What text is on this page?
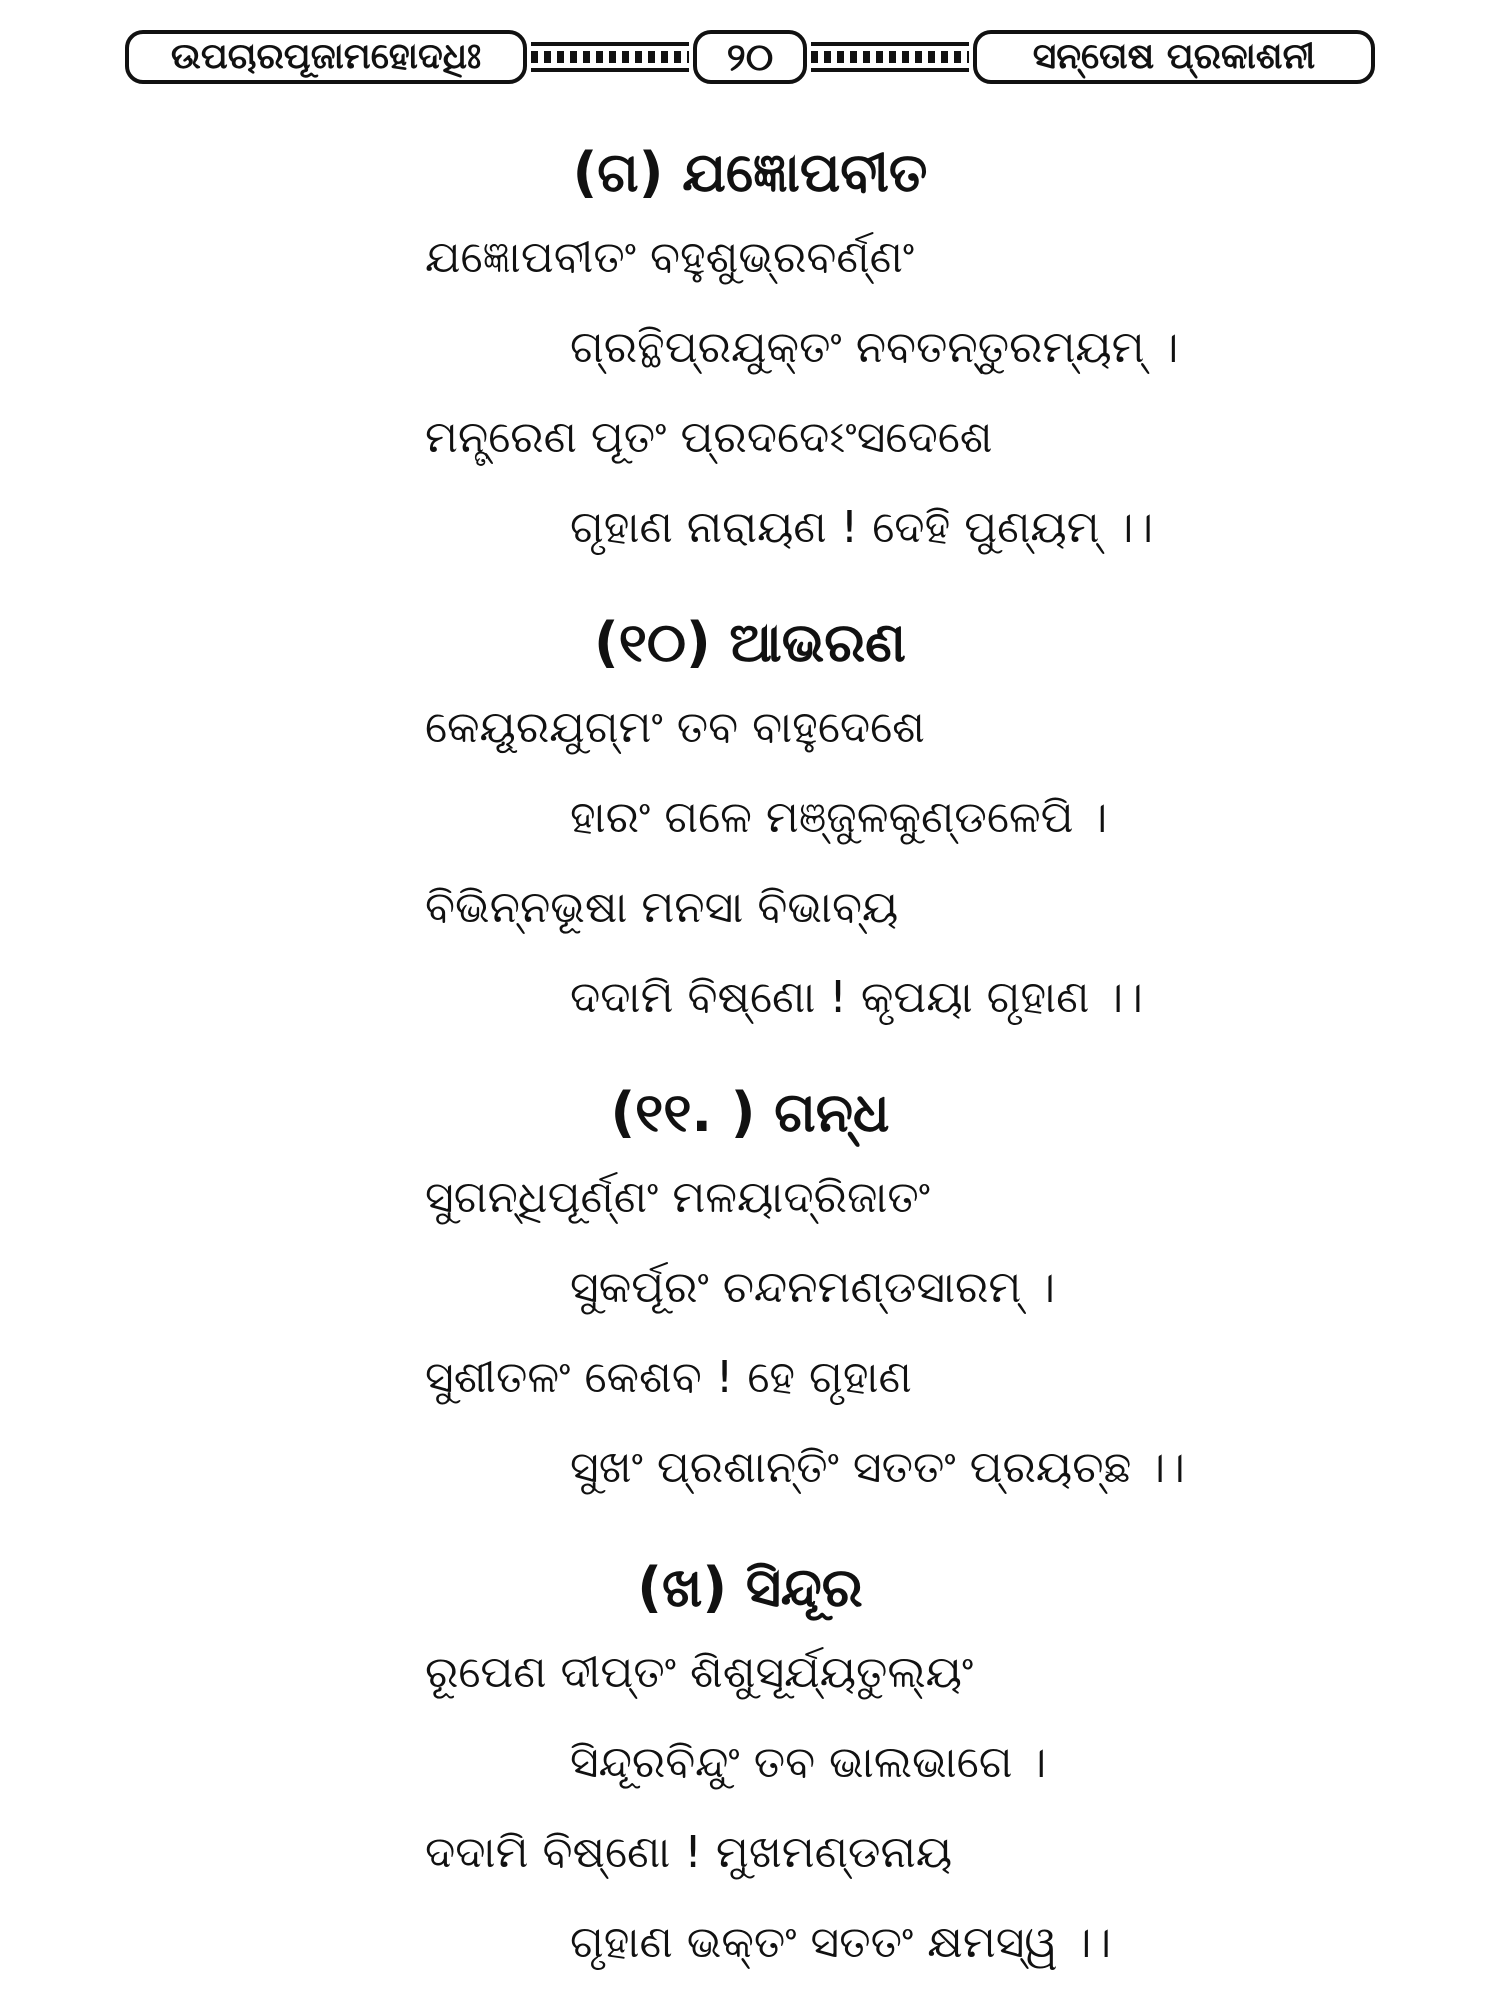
ଉପଚାରପୂଜାମହୋଦଧିଃ	୨୦	ସନ୍ତୋଷ ପ୍ରକାଶନୀ
(ଗ) ଯଜ୍ଞୋପବୀତ
ଯଜ୍ଞୋପବୀତଂ ବହୁଶୁଭ୍ରବର୍ଣ୍ଣଂ
ଗ୍ରନ୍ଥିପ୍ରଯୁକ୍ତଂ ନବତନ୍ତୁରମ୍ୟମ୍ ।
ମନ୍ତ୍ରେଣ ପୂତଂ ପ୍ରଦଦେଽଂସଦେଶେ
ଗୃହାଣ ନାରାୟଣ ! ଦେହି ପୁଣ୍ୟମ୍ ।।
(୧୦) ଆଭରଣ
କେୟୂରଯୁଗ୍ମଂ ତବ ବାହୁଦେଶେ
ହାରଂ ଗଳେ ମଞ୍ଜୁଳକୁଣ୍ଡଳେପି ।
ବିଭିନ୍ନଭୂଷା ମନସା ବିଭାବ୍ୟ
ଦଦାମି ବିଷ୍ଣୋ ! କୃପୟା ଗୃହାଣ ।।
(୧୧. ) ଗନ୍ଧ
ସୁଗନ୍ଧିପୂର୍ଣ୍ଣଂ ମଳୟାଦ୍ରିଜାତଂ
ସୁକର୍ପୂରଂ ଚନ୍ଦନମଣ୍ଡସାରମ୍ ।
ସୁଶୀତଳଂ କେଶବ ! ହେ ଗୃହାଣ
ସୁଖଂ ପ୍ରଶାନ୍ତିଂ ସତତଂ ପ୍ରୟଚ୍ଛ ।।
(ଖ) ସିନ୍ଦୂର
ରୂପେଣ ଦୀପ୍ତଂ ଶିଶୁସୂର୍ଯ୍ୟତୁଲ୍ୟଂ
ସିନ୍ଦୂରବିନ୍ଦୁଂ ତବ ଭାଲଭାଗେ ।
ଦଦାମି ବିଷ୍ଣୋ ! ମୁଖମଣ୍ଡନାୟ
ଗୃହାଣ ଭକ୍ତଂ ସତତଂ କ୍ଷମସ୍ୱ ।।
